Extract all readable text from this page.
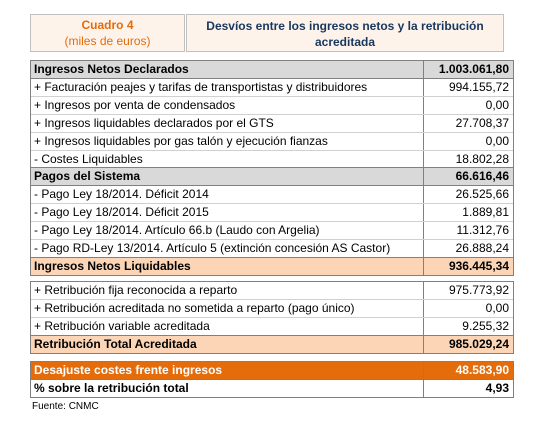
Cuadro 4
(miles de euros)
Desvíos entre los ingresos netos y la retribución
acreditada
Ingresos Netos Declarados	1.003.061,80
+ Facturación peajes y tarifas de transportistas y distribuidores	994.155,72
+ Ingresos por venta de condensados	0,00
+ Ingresos liquidables declarados por el GTS	27.708,37
+ Ingresos liquidables por gas talón y ejecución fianzas	0,00
- Costes Liquidables	18.802,28
Pagos del Sistema	66.616,46
- Pago Ley 18/2014. Déficit 2014	26.525,66
- Pago Ley 18/2014. Déficit 2015	1.889,81
- Pago Ley 18/2014. Artículo 66.b (Laudo con Argelia)	11.312,76
- Pago RD-Ley 13/2014. Artículo 5 (extinción concesión AS Castor)	26.888,24
Ingresos Netos Liquidables	936.445,34
+ Retribución fija reconocida a reparto	975.773,92
+ Retribución acreditada no sometida a reparto (pago único)	0,00
+ Retribución variable acreditada	9.255,32
Retribución Total Acreditada	985.029,24
Desajuste costes frente ingresos	48.583,90
% sobre la retribución total	4,93
Fuente: CNMC
